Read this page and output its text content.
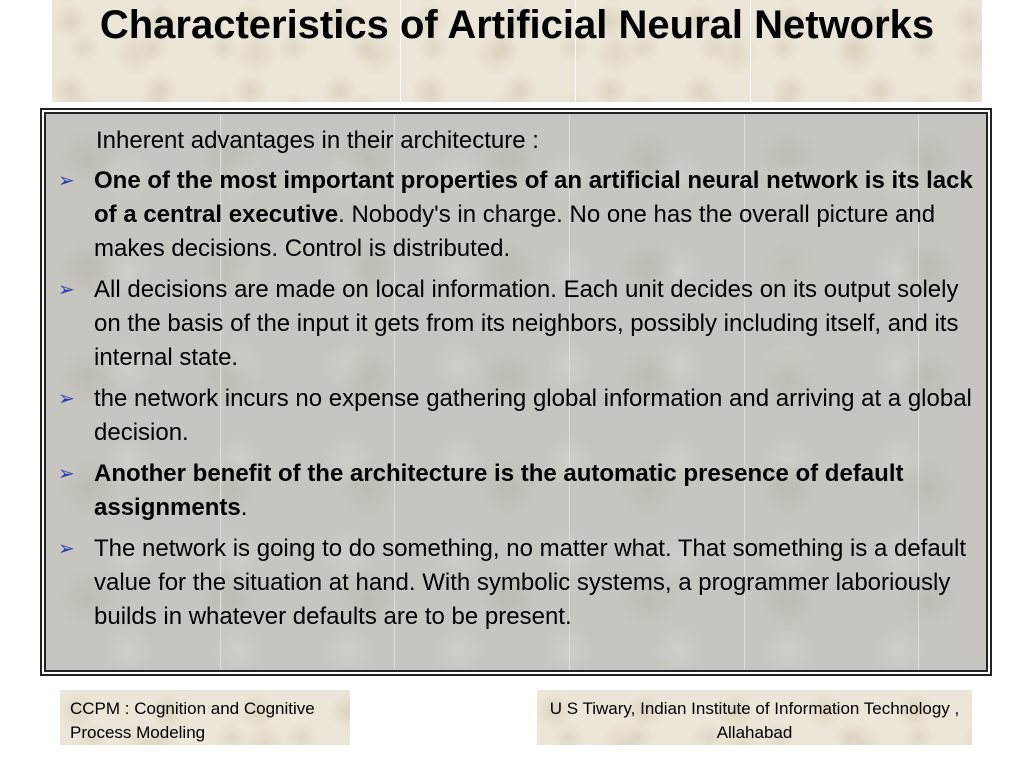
Characteristics of Artificial Neural Networks
Inherent advantages in their architecture :
➢ One of the most important properties of an artificial neural network is its lack of a central executive. Nobody's in charge. No one has the overall picture and makes decisions. Control is distributed.
➢ All decisions are made on local information. Each unit decides on its output solely on the basis of the input it gets from its neighbors, possibly including itself, and its internal state.
➢ the network incurs no expense gathering global information and arriving at a global decision.
➢ Another benefit of the architecture is the automatic presence of default assignments.
➢ The network is going to do something, no matter what. That something is a default value for the situation at hand. With symbolic systems, a programmer laboriously builds in whatever defaults are to be present.
CCPM : Cognition and Cognitive Process Modeling
U S Tiwary, Indian Institute of Information Technology , Allahabad
